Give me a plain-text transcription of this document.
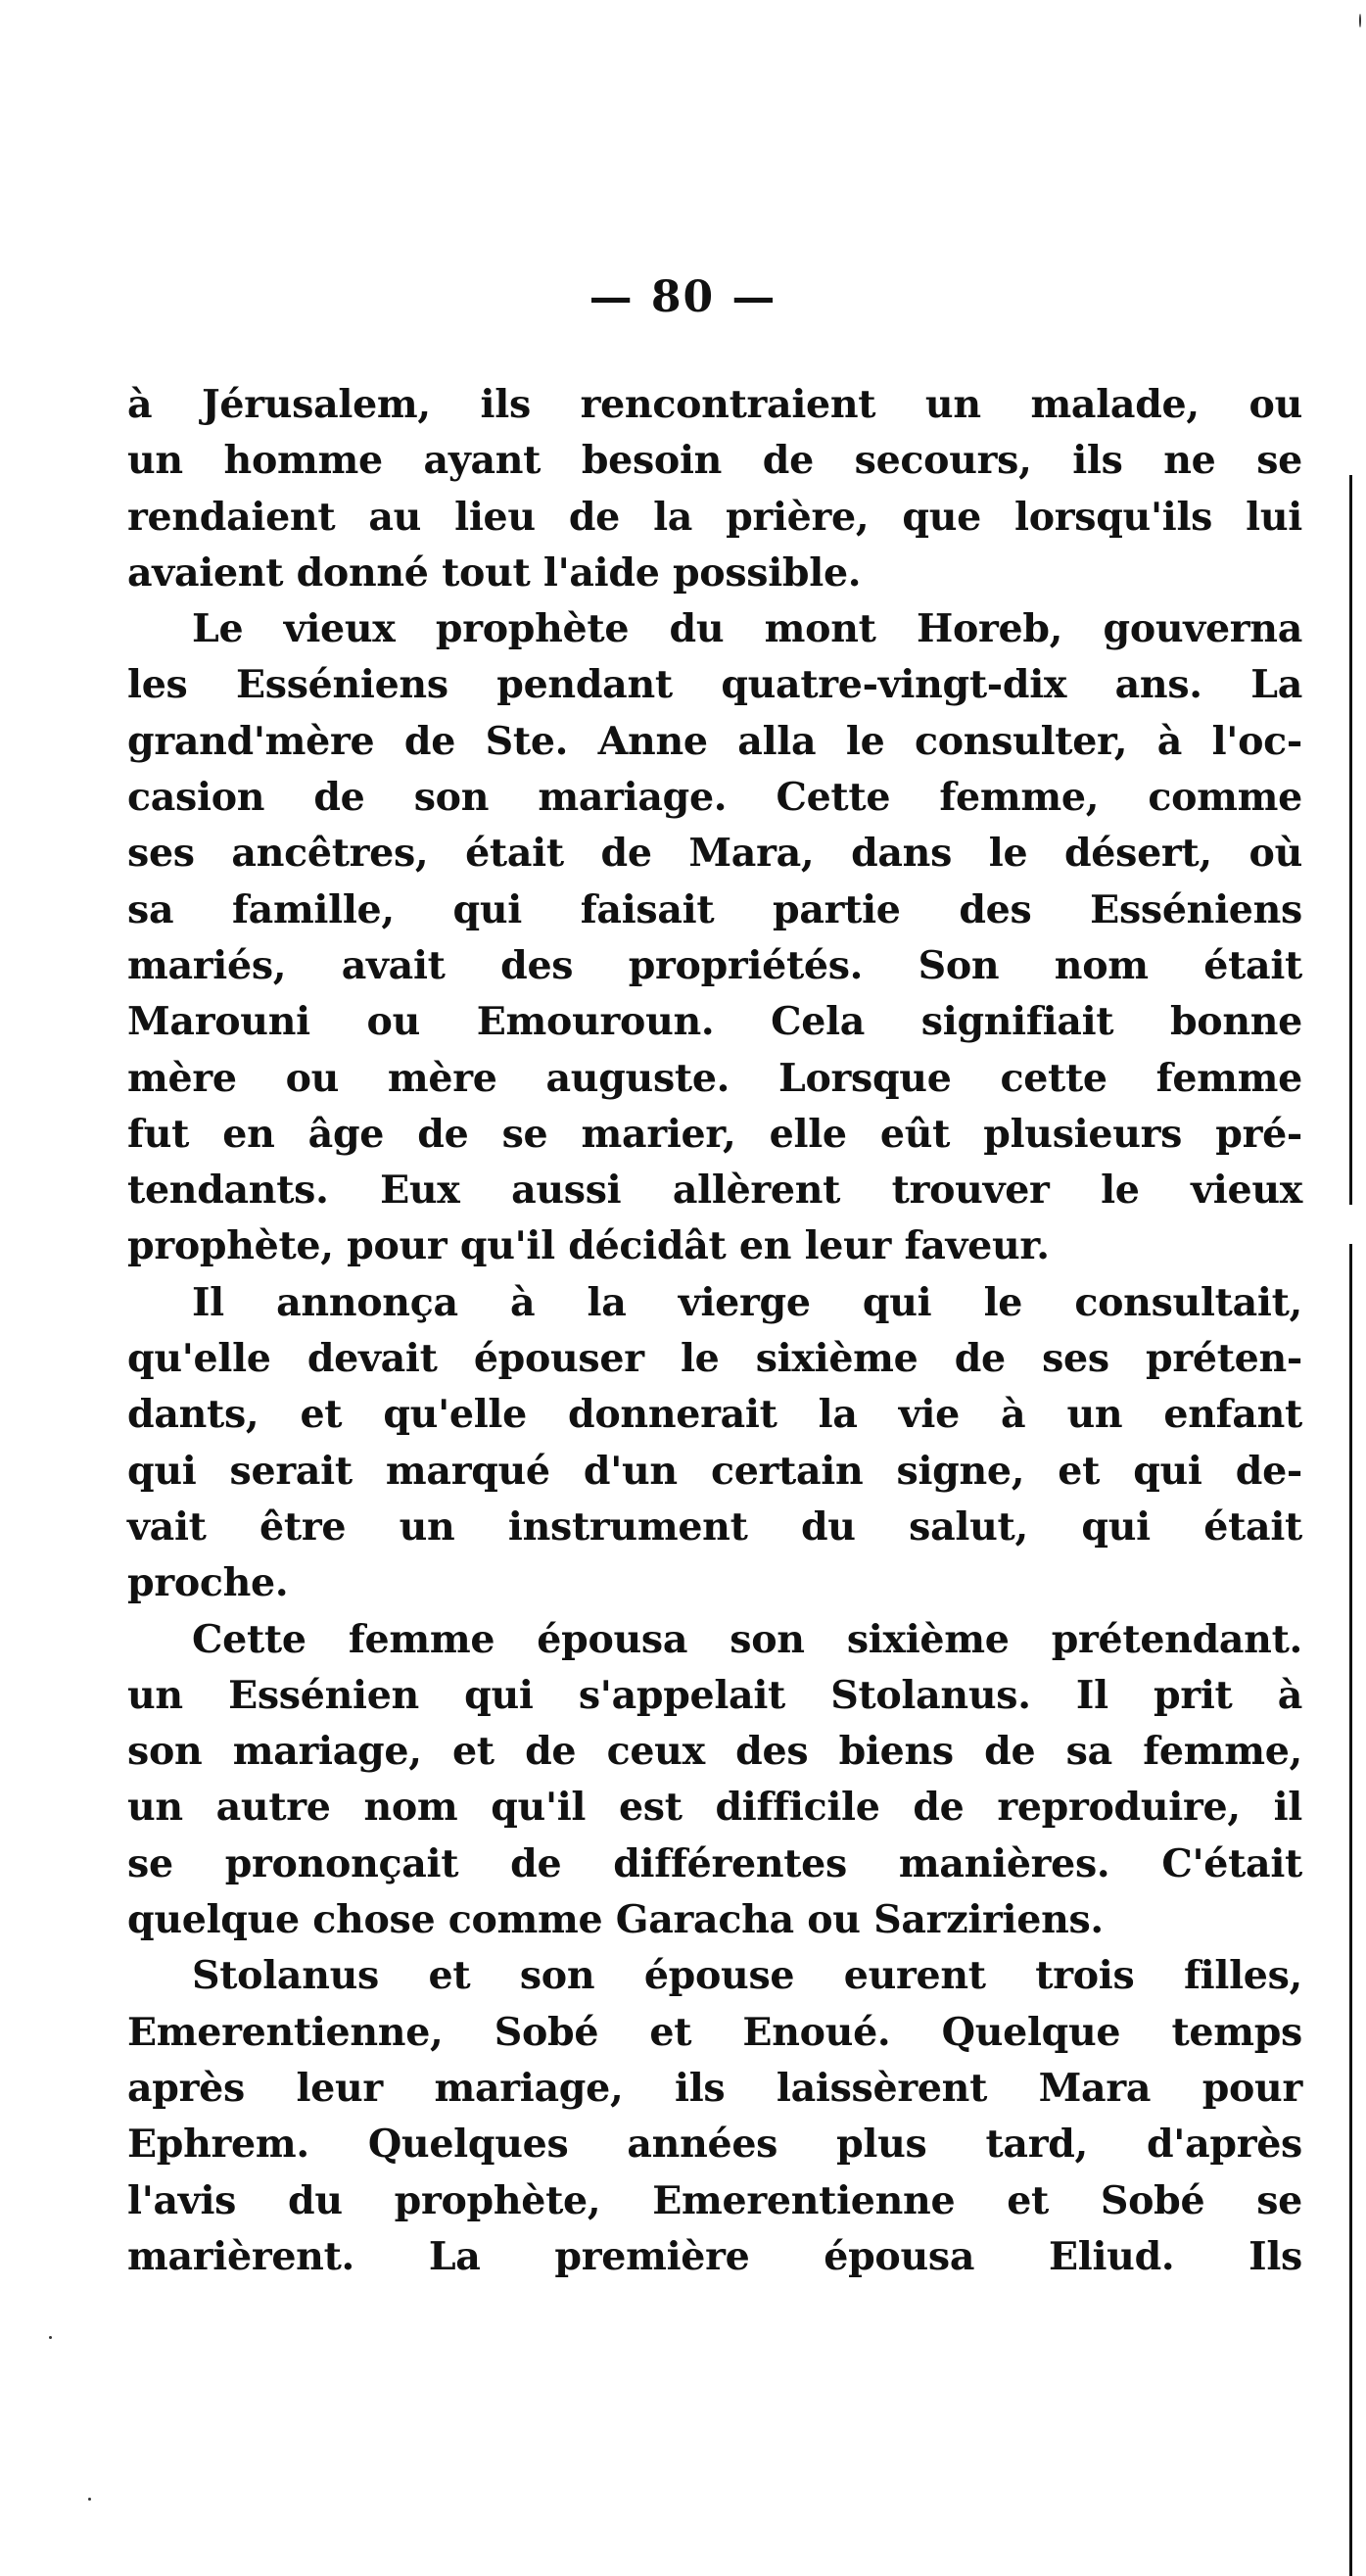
— 80 —
à Jérusalem, ils rencontraient un malade, ou
un homme ayant besoin de secours, ils ne se
rendaient au lieu de la prière, que lorsqu'ils lui
avaient donné tout l'aide possible.
Le vieux prophète du mont Horeb, gouverna
les Esséniens pendant quatre-vingt-dix ans. La
grand'mère de Ste. Anne alla le consulter, à l'oc-
casion de son mariage. Cette femme, comme
ses ancêtres, était de Mara, dans le désert, où
sa famille, qui faisait partie des Esséniens
mariés, avait des propriétés. Son nom était
Marouni ou Emouroun. Cela signifiait bonne
mère ou mère auguste. Lorsque cette femme
fut en âge de se marier, elle eût plusieurs pré-
tendants. Eux aussi allèrent trouver le vieux
prophète, pour qu'il décidât en leur faveur.
Il annonça à la vierge qui le consultait,
qu'elle devait épouser le sixième de ses préten-
dants, et qu'elle donnerait la vie à un enfant
qui serait marqué d'un certain signe, et qui de-
vait être un instrument du salut, qui était
proche.
Cette femme épousa son sixième prétendant.
un Essénien qui s'appelait Stolanus. Il prit à
son mariage, et de ceux des biens de sa femme,
un autre nom qu'il est difficile de reproduire, il
se prononçait de différentes manières. C'était
quelque chose comme Garacha ou Sarziriens.
Stolanus et son épouse eurent trois filles,
Emerentienne, Sobé et Enoué. Quelque temps
après leur mariage, ils laissèrent Mara pour
Ephrem. Quelques années plus tard, d'après
l'avis du prophète, Emerentienne et Sobé se
marièrent. La première épousa Eliud. Ils
